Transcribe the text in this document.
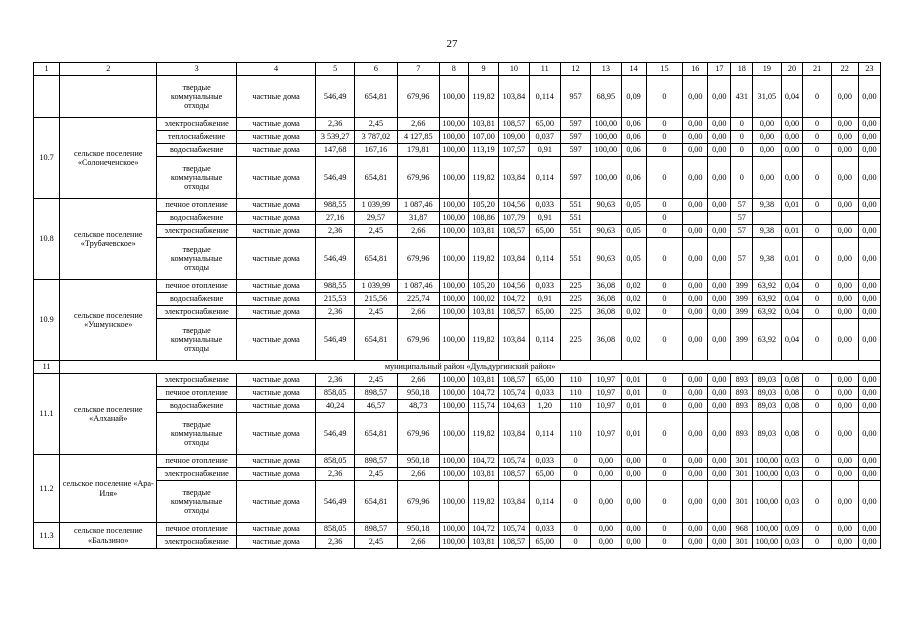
27
1	2	3	4	5	6	7	8	9	10	11	12	13	14	15	16	17	18	19	20	21	22	23
		твердые коммунальные отходы	частные дома	546,49	654,81	679,96	100,00	119,82	103,84	0,114	957	68,95	0,09	0	0,00	0,00	431	31,05	0,04	0	0,00	0,00
10.7	сельское поселение «Солонеченское»	электроснабжение	частные дома	2,36	2,45	2,66	100,00	103,81	108,57	65,00	597	100,00	0,06	0	0,00	0,00	0	0,00	0,00	0	0,00	0,00
		теплоснабжение	частные дома	3 539,27	3 787,02	4 127,85	100,00	107,00	109,00	0,037	597	100,00	0,06	0	0,00	0,00	0	0,00	0,00	0	0,00	0,00
		водоснабжение	частные дома	147,68	167,16	179,81	100,00	113,19	107,57	0,91	597	100,00	0,06	0	0,00	0,00	0	0,00	0,00	0	0,00	0,00
		твердые коммунальные отходы	частные дома	546,49	654,81	679,96	100,00	119,82	103,84	0,114	597	100,00	0,06	0	0,00	0,00	0	0,00	0,00	0	0,00	0,00
10.8	сельское поселение «Трубачевское»	печное отопление	частные дома	988,55	1 039,99	1 087,46	100,00	105,20	104,56	0,033	551	90,63	0,05	0	0,00	0,00	57	9,38	0,01	0	0,00	0,00
		водоснабжение	частные дома	27,16	29,57	31,87	100,00	108,86	107,79	0,91	551			0			57					
		электроснабжение	частные дома	2,36	2,45	2,66	100,00	103,81	108,57	65,00	551	90,63	0,05	0	0,00	0,00	57	9,38	0,01	0	0,00	0,00
		твердые коммунальные отходы	частные дома	546,49	654,81	679,96	100,00	119,82	103,84	0,114	551	90,63	0,05	0	0,00	0,00	57	9,38	0,01	0	0,00	0,00
10.9	сельское поселение «Ушмунское»	печное отопление	частные дома	988,55	1 039,99	1 087,46	100,00	105,20	104,56	0,033	225	36,08	0,02	0	0,00	0,00	399	63,92	0,04	0	0,00	0,00
		водоснабжение	частные дома	215,53	215,56	225,74	100,00	100,02	104,72	0,91	225	36,08	0,02	0	0,00	0,00	399	63,92	0,04	0	0,00	0,00
		электроснабжение	частные дома	2,36	2,45	2,66	100,00	103,81	108,57	65,00	225	36,08	0,02	0	0,00	0,00	399	63,92	0,04	0	0,00	0,00
		твердые коммунальные отходы	частные дома	546,49	654,81	679,96	100,00	119,82	103,84	0,114	225	36,08	0,02	0	0,00	0,00	399	63,92	0,04	0	0,00	0,00
11	муниципальный район «Дульдургинский район»																					
11.1	сельское поселение «Алханай»	электроснабжение	частные дома	2,36	2,45	2,66	100,00	103,81	108,57	65,00	110	10,97	0,01	0	0,00	0,00	893	89,03	0,08	0	0,00	0,00
		печное отопление	частные дома	858,05	898,57	950,18	100,00	104,72	105,74	0,033	110	10,97	0,01	0	0,00	0,00	893	89,03	0,08	0	0,00	0,00
		водоснабжение	частные дома	40,24	46,57	48,73	100,00	115,74	104,63	1,20	110	10,97	0,01	0	0,00	0,00	893	89,03	0,08	0	0,00	0,00
		твердые коммунальные отходы	частные дома	546,49	654,81	679,96	100,00	119,82	103,84	0,114	110	10,97	0,01	0	0,00	0,00	893	89,03	0,08	0	0,00	0,00
11.2	сельское поселение «Ара-Иля»	печное отопление	частные дома	858,05	898,57	950,18	100,00	104,72	105,74	0,033	0	0,00	0,00	0	0,00	0,00	301	100,00	0,03	0	0,00	0,00
		электроснабжение	частные дома	2,36	2,45	2,66	100,00	103,81	108,57	65,00	0	0,00	0,00	0	0,00	0,00	301	100,00	0,03	0	0,00	0,00
		твердые коммунальные отходы	частные дома	546,49	654,81	679,96	100,00	119,82	103,84	0,114	0	0,00	0,00	0	0,00	0,00	301	100,00	0,03	0	0,00	0,00
11.3	сельское поселение «Бальзино»	печное отопление	частные дома	858,05	898,57	950,18	100,00	104,72	105,74	0,033	0	0,00	0,00	0	0,00	0,00	968	100,00	0,09	0	0,00	0,00
		электроснабжение	частные дома	2,36	2,45	2,66	100,00	103,81	108,57	65,00	0	0,00	0,00	0	0,00	0,00	301	100,00	0,03	0	0,00	0,00
